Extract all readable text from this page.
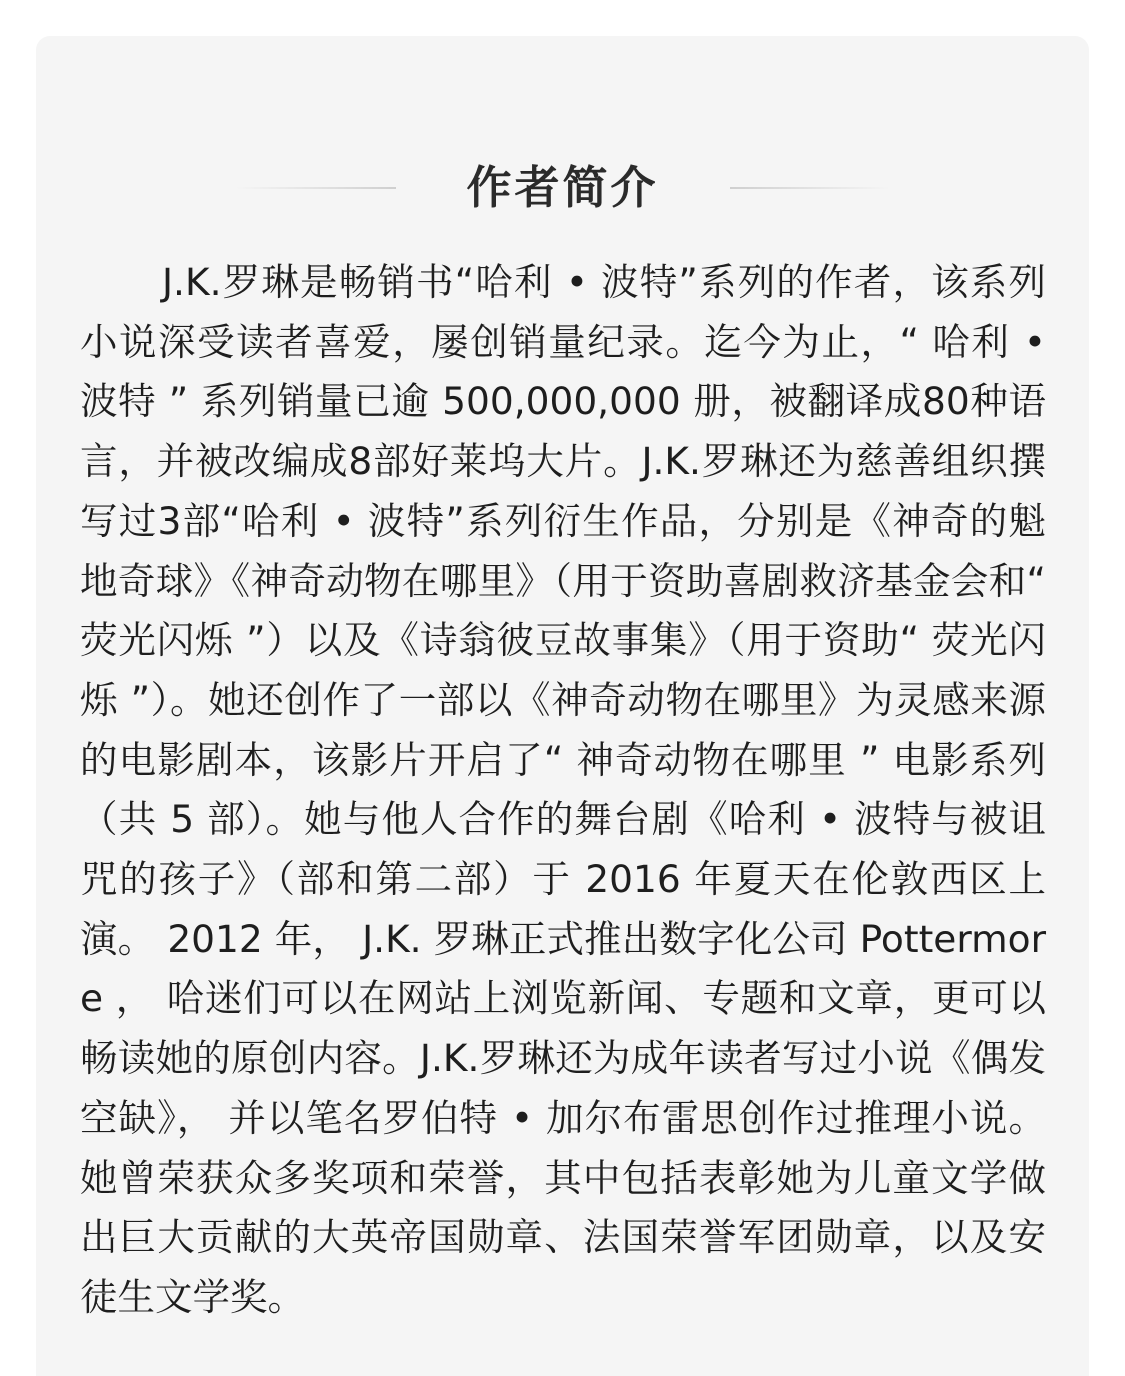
作者简介

J.K.罗琳是畅销书“哈利 • 波特”系列的作者，该系列小说深受读者喜爱，屡创销量纪录。迄今为止，“ 哈利 • 波特 ” 系列销量已逾 500,000,000 册，被翻译成80种语言，并被改编成8部好莱坞大片。J.K.罗琳还为慈善组织撰写过3部“哈利 • 波特”系列衍生作品，分别是《神奇的魁地奇球》《神奇动物在哪里》（用于资助喜剧救济基金会和“ 荧光闪烁 ”）以及《诗翁彼豆故事集》（用于资助“ 荧光闪烁 ”）。她还创作了一部以《神奇动物在哪里》为灵感来源的电影剧本，该影片开启了“ 神奇动物在哪里 ” 电影系列（共 5 部）。她与他人合作的舞台剧《哈利 • 波特与被诅咒的孩子》（部和第二部）于 2016 年夏天在伦敦西区上演。 2012 年， J.K. 罗琳正式推出数字化公司 Pottermore ， 哈迷们可以在网站上浏览新闻、专题和文章，更可以畅读她的原创内容。J.K.罗琳还为成年读者写过小说《偶发空缺》， 并以笔名罗伯特 • 加尔布雷思创作过推理小说。她曾荣获众多奖项和荣誉，其中包括表彰她为儿童文学做出巨大贡献的大英帝国勋章、法国荣誉军团勋章，以及安徒生文学奖。
